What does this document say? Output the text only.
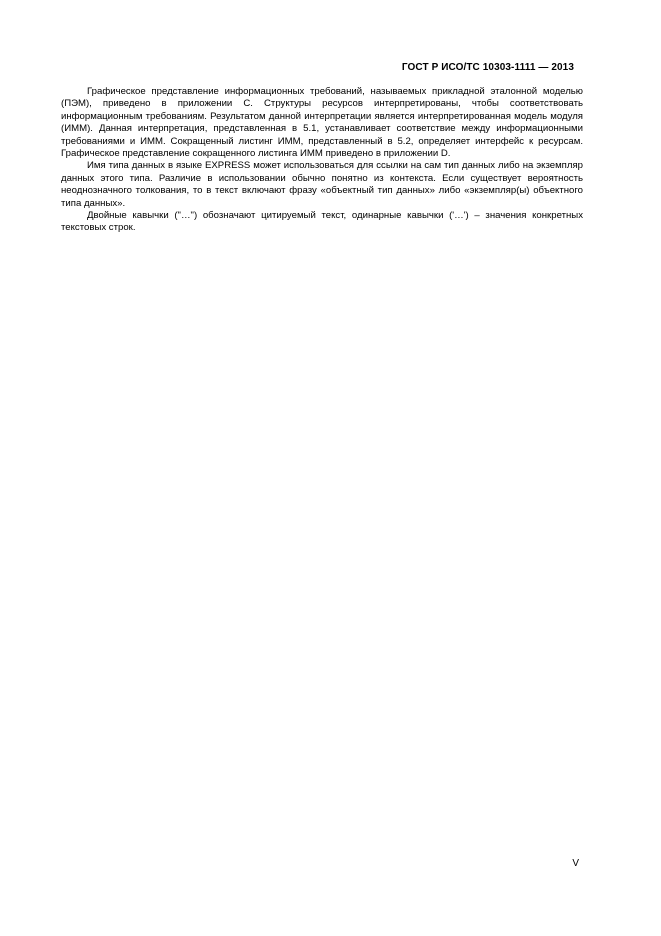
ГОСТ Р ИСО/ТС 10303-1111 — 2013

Графическое представление информационных требований, называемых прикладной эталонной моделью (ПЭМ), приведено в приложении С. Структуры ресурсов интерпретированы, чтобы соответствовать информационным требованиям. Результатом данной интерпретации является интерпретированная модель модуля (ИММ). Данная интерпретация, представленная в 5.1, устанавливает соответствие между информационными требованиями и ИММ. Сокращенный листинг ИММ, представленный в 5.2, определяет интерфейс к ресурсам. Графическое представление сокращенного листинга ИММ приведено в приложении D.

Имя типа данных в языке EXPRESS может использоваться для ссылки на сам тип данных либо на экземпляр данных этого типа. Различие в использовании обычно понятно из контекста. Если существует вероятность неоднозначного толкования, то в текст включают фразу «объектный тип данных» либо «экземпляр(ы) объектного типа данных».

Двойные кавычки ("…") обозначают цитируемый текст, одинарные кавычки ('…') – значения конкретных текстовых строк.

V
